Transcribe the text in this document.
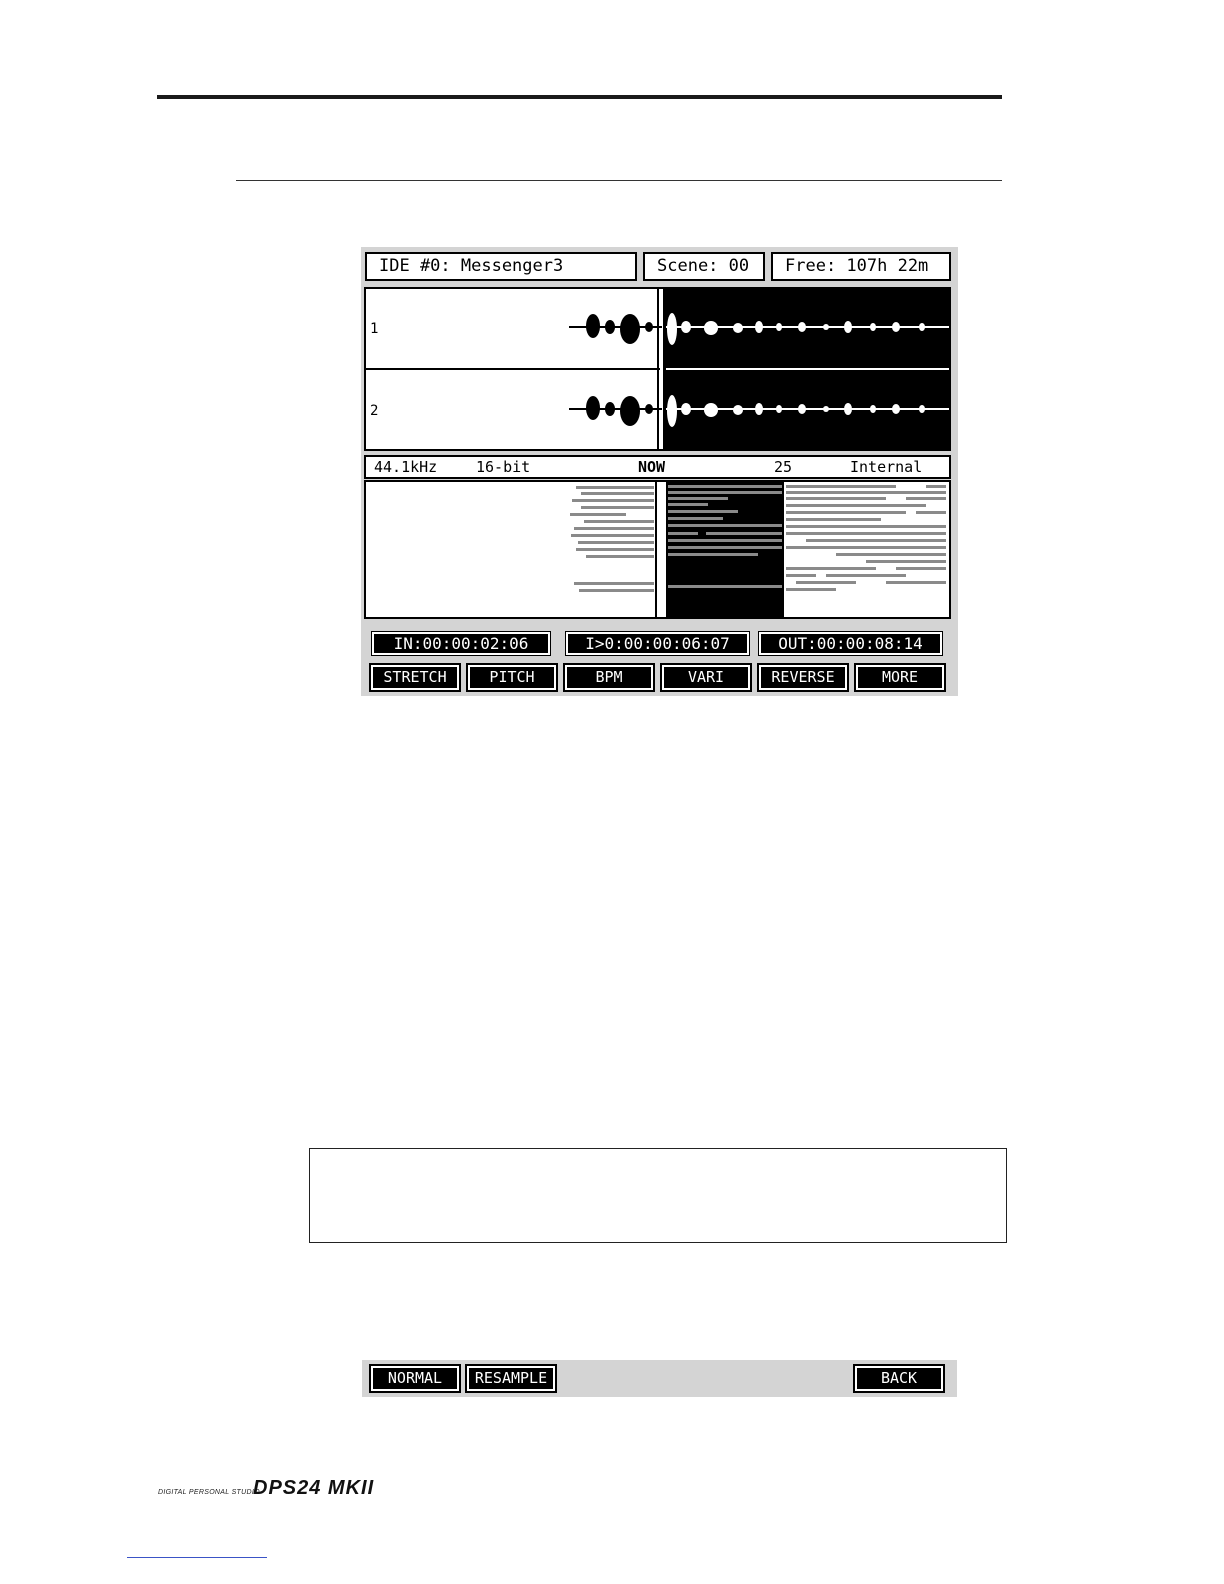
IDE #0: Messenger3	Scene: 00	Free: 107h 22m
1
2
44.1kHz	16-bit	NOW	25	Internal
IN:00:00:02:06	I>0:00:00:06:07	OUT:00:00:08:14
STRETCH	PITCH	BPM	VARI	REVERSE	MORE
NORMAL	RESAMPLE	BACK
DIGITAL PERSONAL STUDIO
DPS24 MKII
